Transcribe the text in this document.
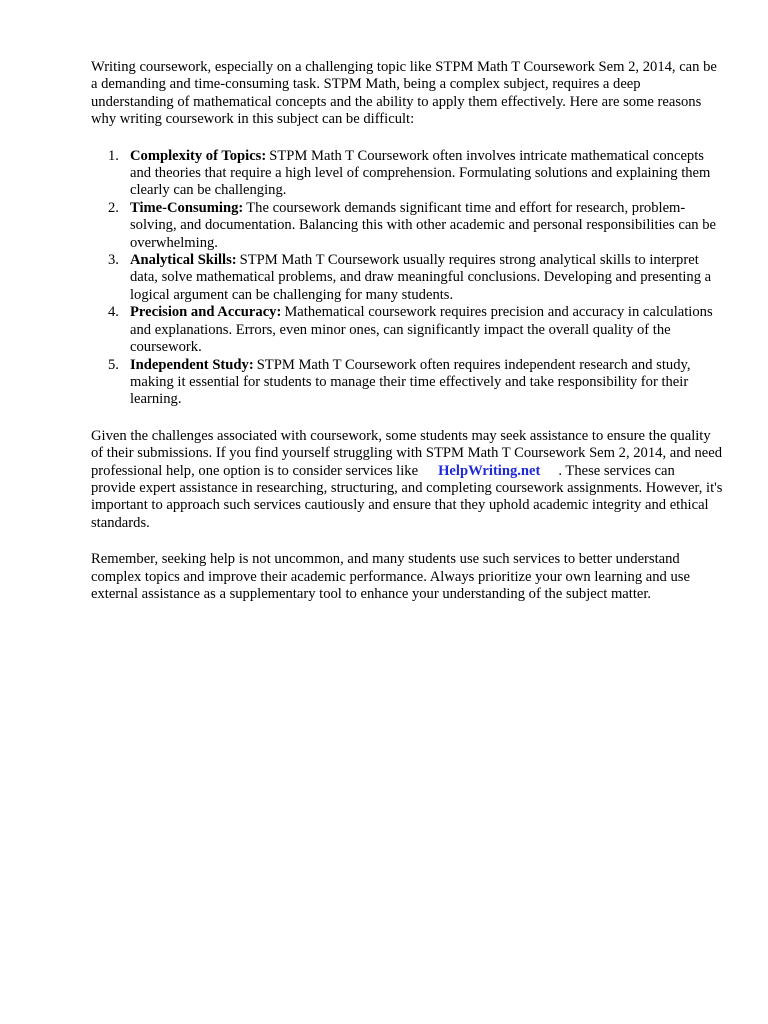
Writing coursework, especially on a challenging topic like STPM Math T Coursework Sem 2, 2014, can be a demanding and time-consuming task. STPM Math, being a complex subject, requires a deep understanding of mathematical concepts and the ability to apply them effectively. Here are some reasons why writing coursework in this subject can be difficult:

1. Complexity of Topics: STPM Math T Coursework often involves intricate mathematical concepts and theories that require a high level of comprehension. Formulating solutions and explaining them clearly can be challenging.
2. Time-Consuming: The coursework demands significant time and effort for research, problem-solving, and documentation. Balancing this with other academic and personal responsibilities can be overwhelming.
3. Analytical Skills: STPM Math T Coursework usually requires strong analytical skills to interpret data, solve mathematical problems, and draw meaningful conclusions. Developing and presenting a logical argument can be challenging for many students.
4. Precision and Accuracy: Mathematical coursework requires precision and accuracy in calculations and explanations. Errors, even minor ones, can significantly impact the overall quality of the coursework.
5. Independent Study: STPM Math T Coursework often requires independent research and study, making it essential for students to manage their time effectively and take responsibility for their learning.

Given the challenges associated with coursework, some students may seek assistance to ensure the quality of their submissions. If you find yourself struggling with STPM Math T Coursework Sem 2, 2014, and need professional help, one option is to consider services like HelpWriting.net . These services can provide expert assistance in researching, structuring, and completing coursework assignments. However, it's important to approach such services cautiously and ensure that they uphold academic integrity and ethical standards.

Remember, seeking help is not uncommon, and many students use such services to better understand complex topics and improve their academic performance. Always prioritize your own learning and use external assistance as a supplementary tool to enhance your understanding of the subject matter.
